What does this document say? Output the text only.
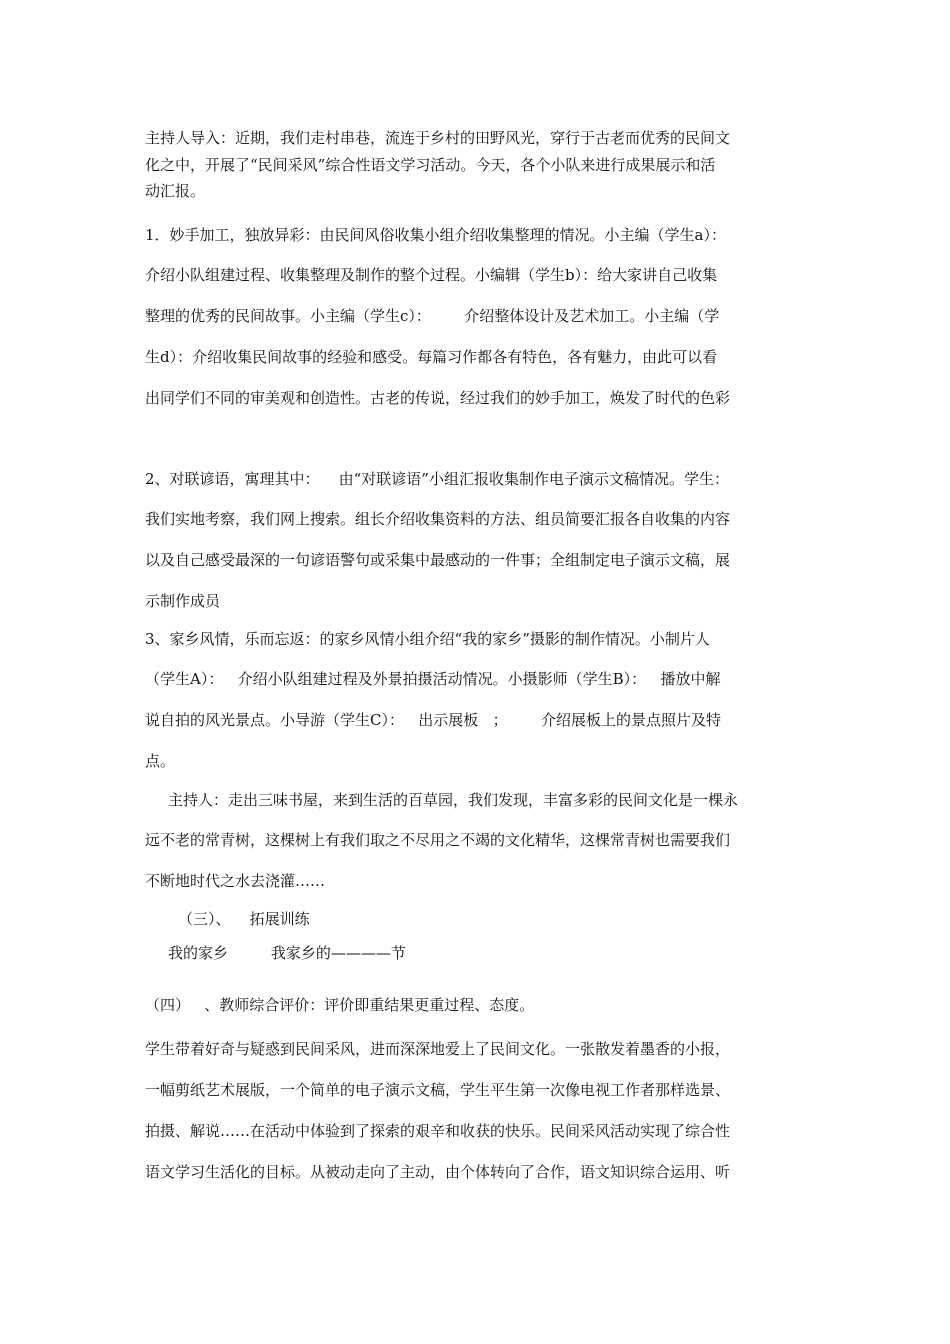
主持人导入：近期，我们走村串巷，流连于乡村的田野风光，穿行于古老而优秀的民间文
化之中，开展了“民间采风”综合性语文学习活动。今天，各个小队来进行成果展示和活
动汇报。
1．妙手加工，独放异彩：由民间风俗收集小组介绍收集整理的情况。小主编（学生a）：
介绍小队组建过程、收集整理及制作的整个过程。小编辑（学生b）：给大家讲自己收集
整理的优秀的民间故事。小主编（学生c）：       介绍整体设计及艺术加工。小主编（学
生d）：介绍收集民间故事的经验和感受。每篇习作都各有特色，各有魅力，由此可以看
出同学们不同的审美观和创造性。古老的传说，经过我们的妙手加工，焕发了时代的色彩
2、对联谚语，寓理其中：    由“对联谚语”小组汇报收集制作电子演示文稿情况。学生：
我们实地考察，我们网上搜索。组长介绍收集资料的方法、组员简要汇报各自收集的内容
以及自己感受最深的一句谚语警句或采集中最感动的一件事；全组制定电子演示文稿，展
示制作成员
3、家乡风情，乐而忘返：的家乡风情小组介绍“我的家乡”摄影的制作情况。小制片人
（学生A）：   介绍小队组建过程及外景拍摄活动情况。小摄影师（学生B）：   播放中解
说自拍的风光景点。小导游（学生C）：   出示展板   ；       介绍展板上的景点照片及特
点。
主持人：走出三味书屋，来到生活的百草园，我们发现，丰富多彩的民间文化是一棵永
远不老的常青树，这棵树上有我们取之不尽用之不竭的文化精华，这棵常青树也需要我们
不断地时代之水去浇灌……
（三）、    拓展训练
我的家乡         我家乡的————节
（四）   、教师综合评价：评价即重结果更重过程、态度。
学生带着好奇与疑惑到民间采风，进而深深地爱上了民间文化。一张散发着墨香的小报，
一幅剪纸艺术展版，一个简单的电子演示文稿，学生平生第一次像电视工作者那样选景、
拍摄、解说……在活动中体验到了探索的艰辛和收获的快乐。民间采风活动实现了综合性
语文学习生活化的目标。从被动走向了主动，由个体转向了合作，语文知识综合运用、听
